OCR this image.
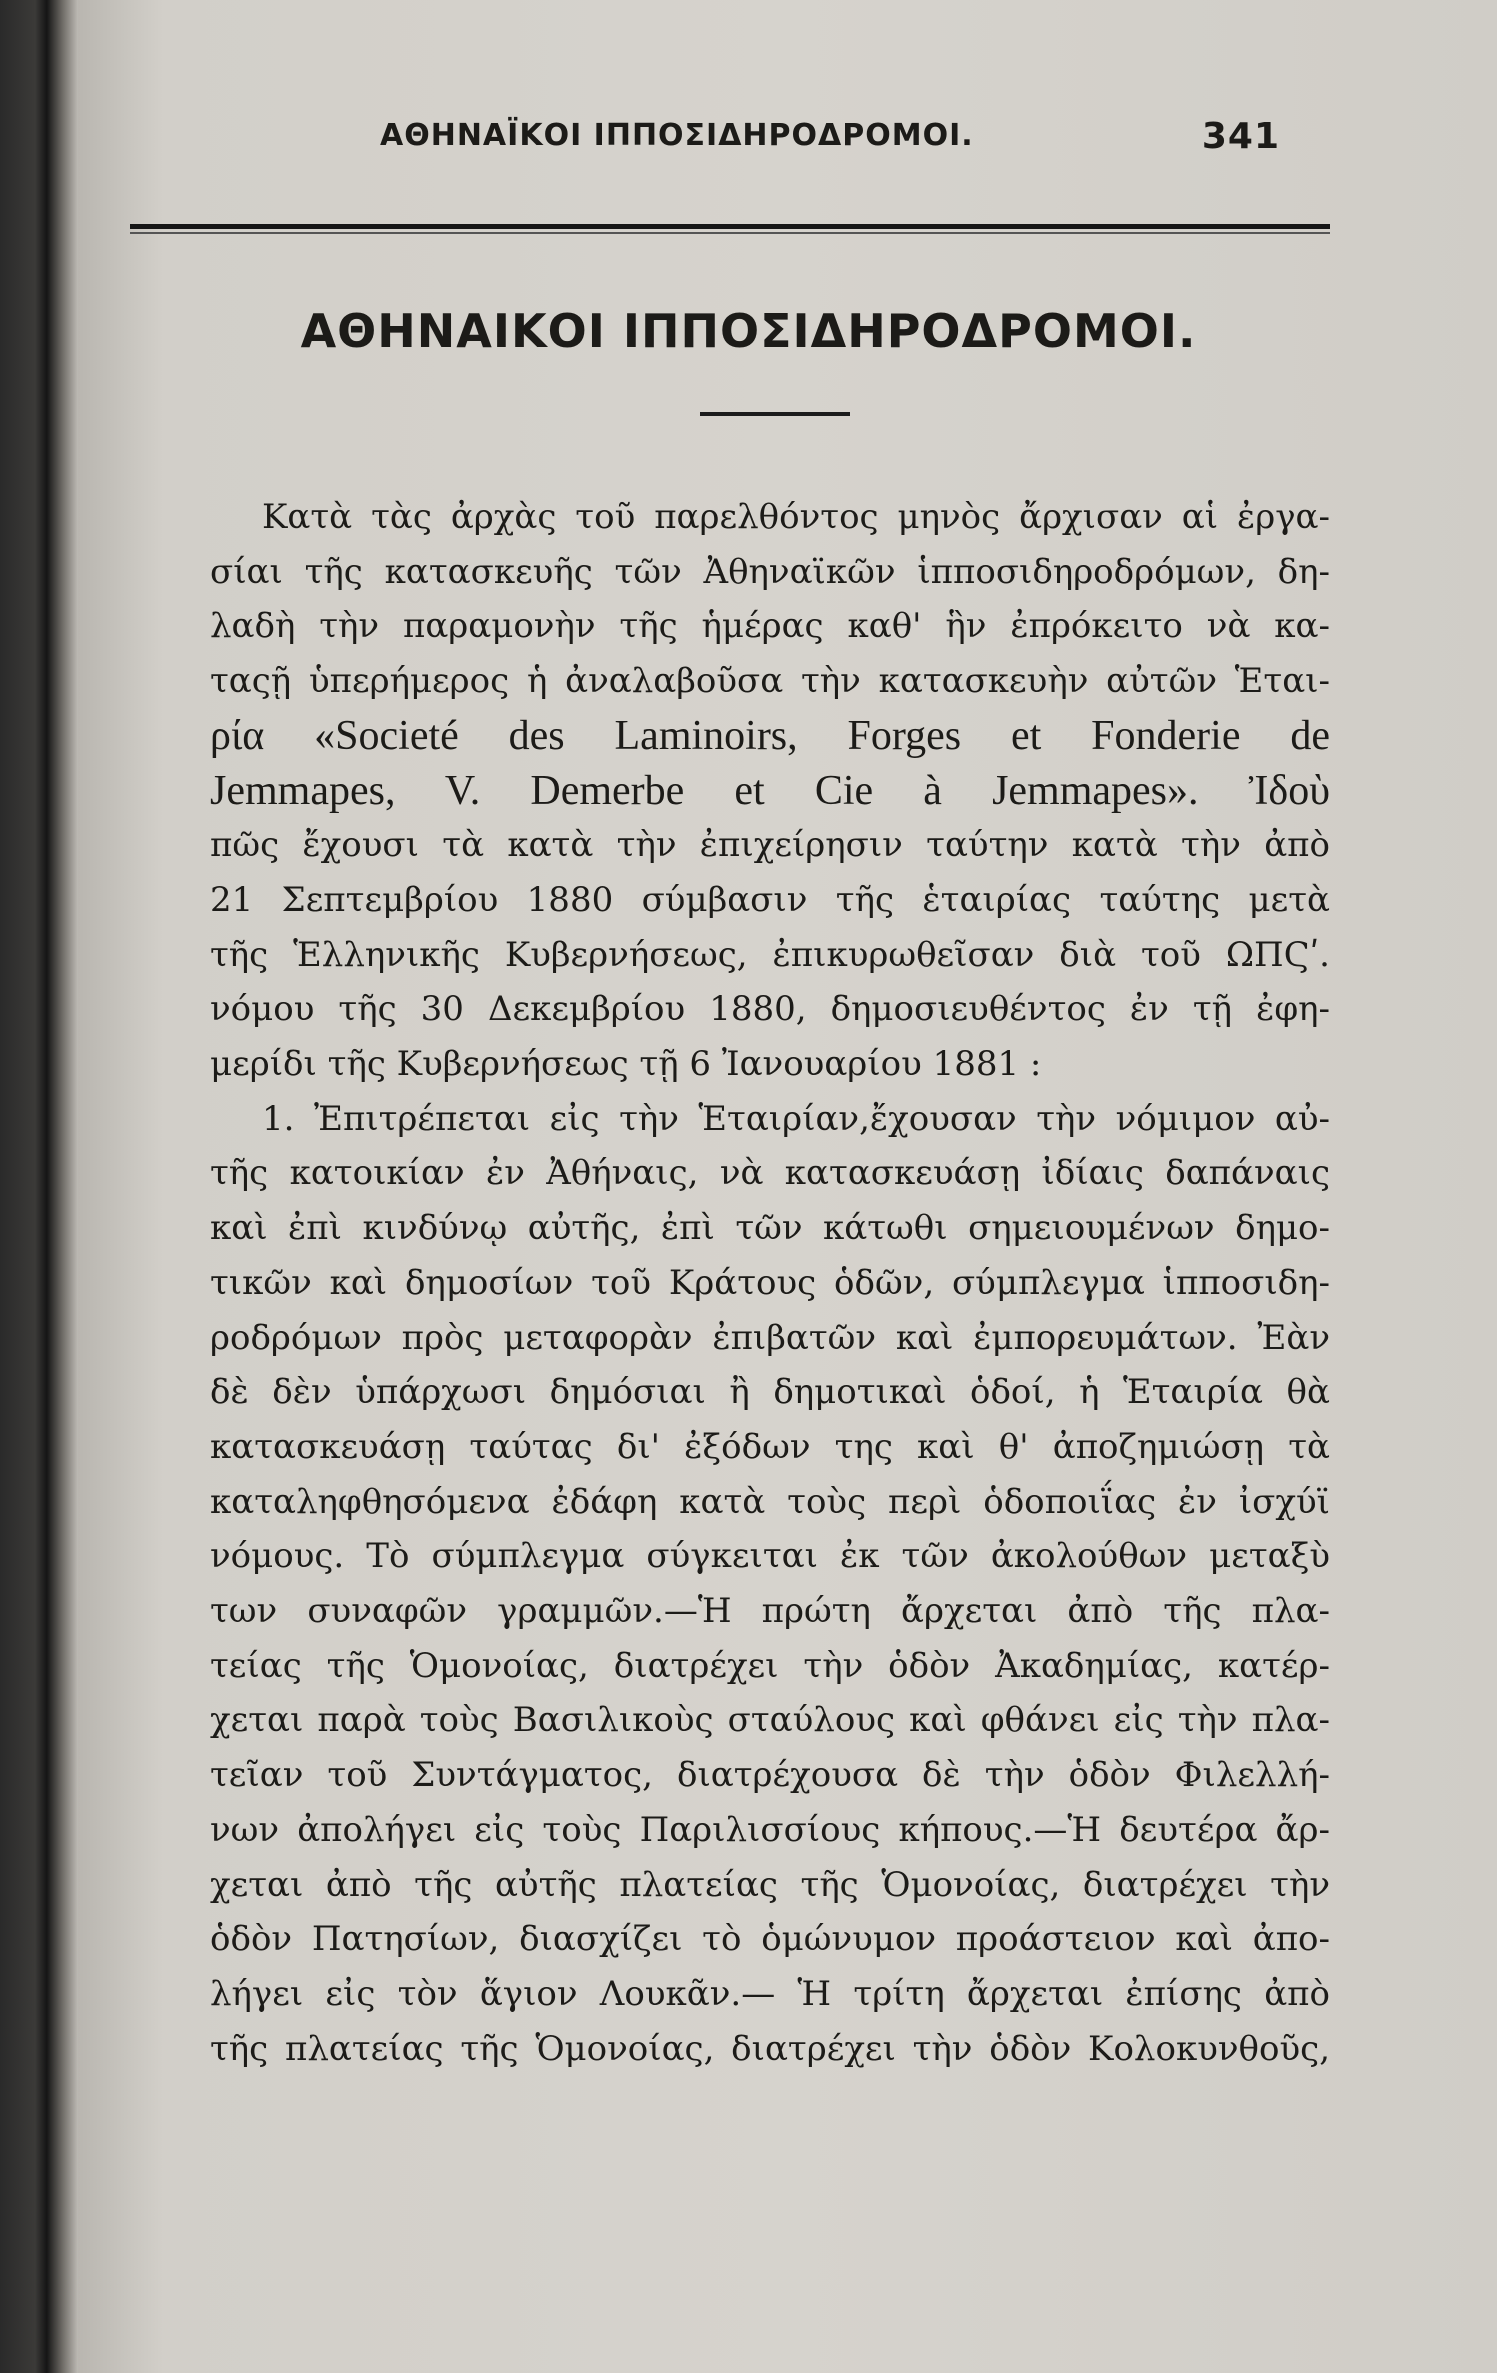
ΑΘΗΝΑΪΚΟΙ ΙΠΠΟΣΙΔΗΡΟΔΡΟΜΟΙ.	341
ΑΘΗΝΑΙΚΟΙ ΙΠΠΟΣΙΔΗΡΟΔΡΟΜΟΙ.
Κατὰ τὰς ἀρχὰς τοῦ παρελθόντος μηνὸς ἄρχισαν αἱ ἐργα-
σίαι τῆς κατασκευῆς τῶν Ἀθηναϊκῶν ἱπποσιδηροδρόμων, δη-
λαδὴ τὴν παραμονὴν τῆς ἡμέρας καθ' ἣν ἐπρόκειτο νὰ κα-
ταςῇ ὑπερήμερος ἡ ἀναλαβοῦσα τὴν κατασκευὴν αὐτῶν Ἑται-
ρία «Societé des Laminoirs, Forges et Fonderie de
Jemmapes, V. Demerbe et Cie à Jemmapes». Ἰδοὺ
πῶς ἔχουσι τὰ κατὰ τὴν ἐπιχείρησιν ταύτην κατὰ τὴν ἀπὸ
21 Σεπτεμβρίου 1880 σύμβασιν τῆς ἑταιρίας ταύτης μετὰ
τῆς Ἑλληνικῆς Κυβερνήσεως, ἐπικυρωθεῖσαν διὰ τοῦ ΩΠϚʹ.
νόμου τῆς 30 Δεκεμβρίου 1880, δημοσιευθέντος ἐν τῇ ἐφη-
μερίδι τῆς Κυβερνήσεως τῇ 6 Ἰανουαρίου 1881 :
1. Ἐπιτρέπεται εἰς τὴν Ἑταιρίαν,ἔχουσαν τὴν νόμιμον αὐ-
τῆς κατοικίαν ἐν Ἀθήναις, νὰ κατασκευάσῃ ἰδίαις δαπάναις
καὶ ἐπὶ κινδύνῳ αὐτῆς, ἐπὶ τῶν κάτωθι σημειουμένων δημο-
τικῶν καὶ δημοσίων τοῦ Κράτους ὁδῶν, σύμπλεγμα ἱπποσιδη-
ροδρόμων πρὸς μεταφορὰν ἐπιβατῶν καὶ ἐμπορευμάτων. Ἐὰν
δὲ δὲν ὑπάρχωσι δημόσιαι ἢ δημοτικαὶ ὁδοί, ἡ Ἑταιρία θὰ
κατασκευάσῃ ταύτας δι' ἐξόδων της καὶ θ' ἀποζημιώσῃ τὰ
καταληφθησόμενα ἐδάφη κατὰ τοὺς περὶ ὁδοποιΐας ἐν ἰσχύϊ
νόμους. Τὸ σύμπλεγμα σύγκειται ἐκ τῶν ἀκολούθων μεταξὺ
των συναφῶν γραμμῶν.—Ἡ πρώτη ἄρχεται ἀπὸ τῆς πλα-
τείας τῆς Ὁμονοίας, διατρέχει τὴν ὁδὸν Ἀκαδημίας, κατέρ-
χεται παρὰ τοὺς Βασιλικοὺς σταύλους καὶ φθάνει εἰς τὴν πλα-
τεῖαν τοῦ Συντάγματος, διατρέχουσα δὲ τὴν ὁδὸν Φιλελλή-
νων ἀπολήγει εἰς τοὺς Παριλισσίους κήπους.—Ἡ δευτέρα ἄρ-
χεται ἀπὸ τῆς αὐτῆς πλατείας τῆς Ὁμονοίας, διατρέχει τὴν
ὁδὸν Πατησίων, διασχίζει τὸ ὁμώνυμον προάστειον καὶ ἀπο-
λήγει εἰς τὸν ἅγιον Λουκᾶν.— Ἡ τρίτη ἄρχεται ἐπίσης ἀπὸ
τῆς πλατείας τῆς Ὁμονοίας, διατρέχει τὴν ὁδὸν Κολοκυνθοῦς,
